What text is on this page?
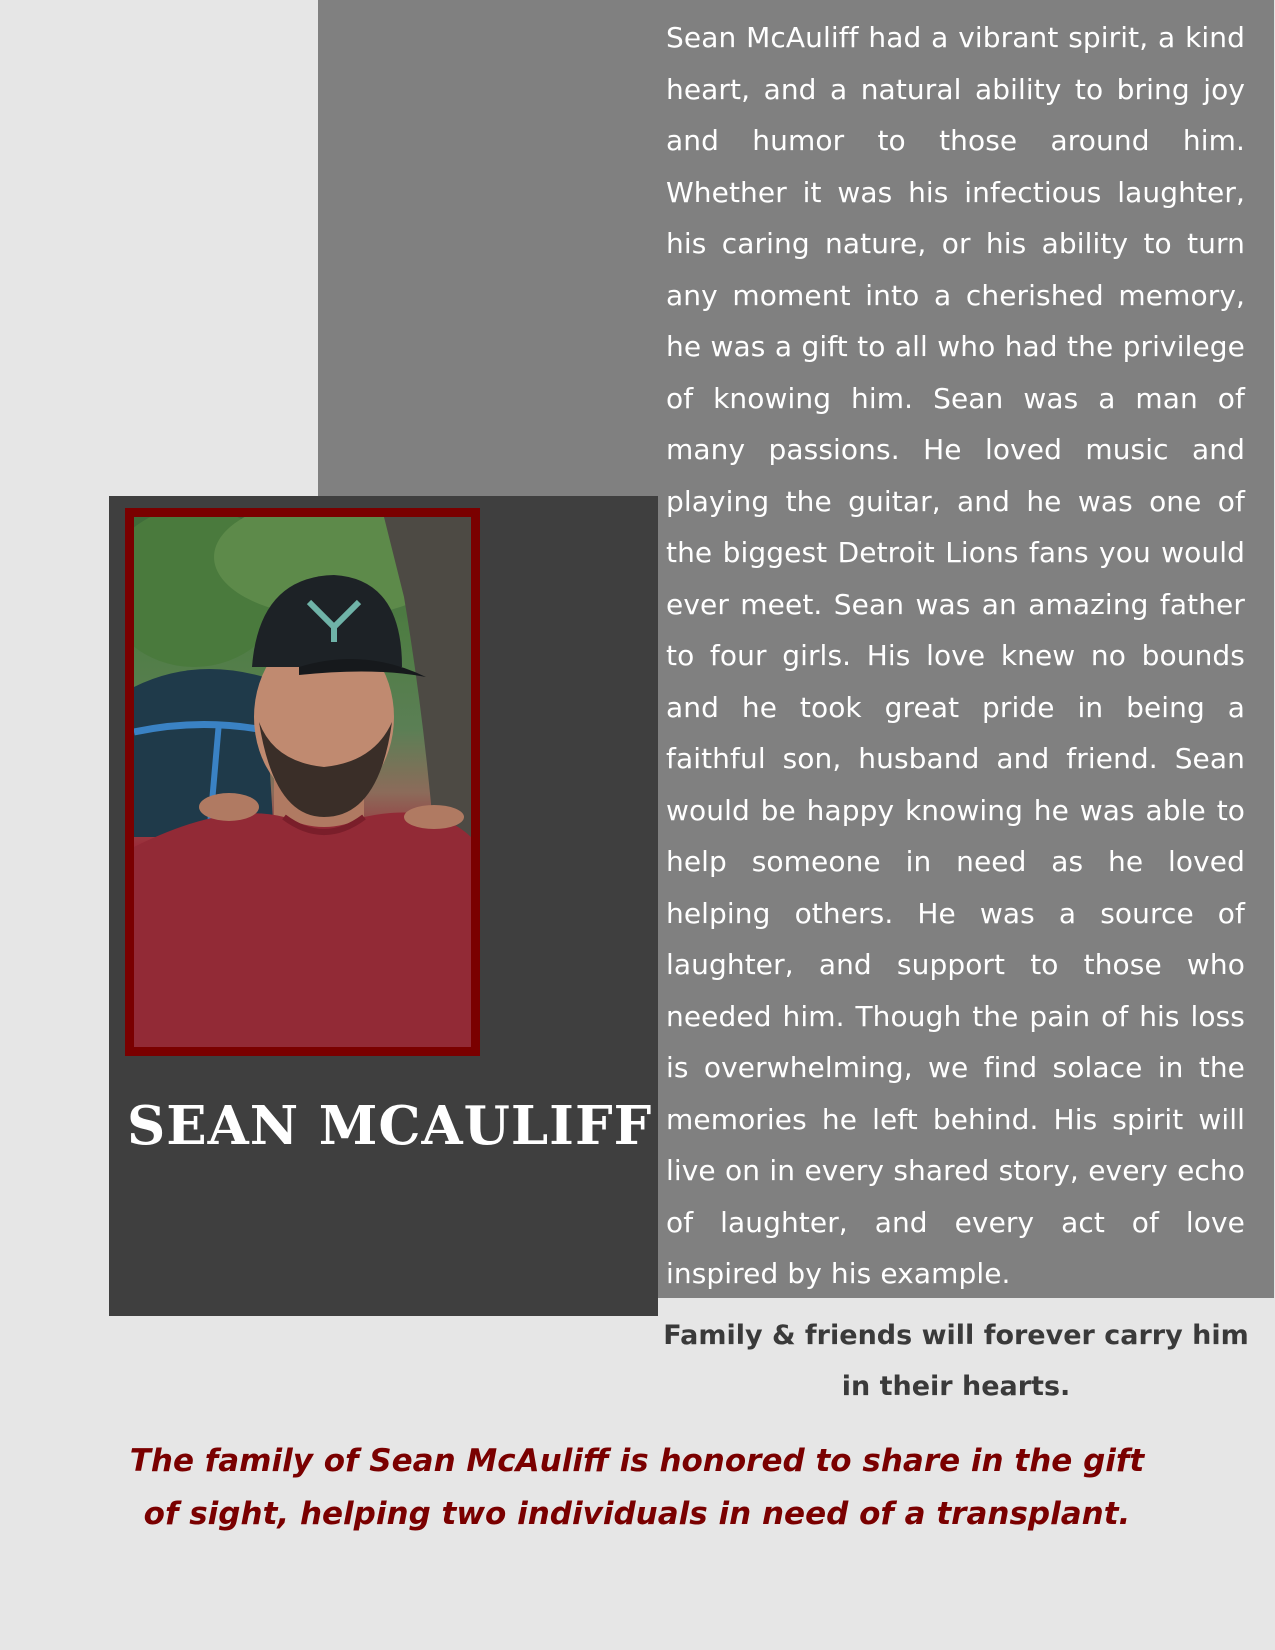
SEAN MCAULIFF
Sean McAuliff had a vibrant spirit, a kind heart, and a natural ability to bring joy and humor to those around him. Whether it was his infectious laughter, his caring nature, or his ability to turn any moment into a cherished memory, he was a gift to all who had the privilege of knowing him. Sean was a man of many passions. He loved music and playing the guitar, and he was one of the biggest Detroit Lions fans you would ever meet. Sean was an amazing father to four girls. His love knew no bounds and he took great pride in being a faithful son, husband and friend. Sean would be happy knowing he was able to help someone in need as he loved helping others. He was a source of laughter, and support to those who needed him. Though the pain of his loss is overwhelming, we find solace in the memories he left behind. His spirit will live on in every shared story, every echo of laughter, and every act of love inspired by his example.
Family & friends will forever carry him in their hearts.
The family of Sean McAuliff is honored to share in the gift of sight, helping two individuals in need of a transplant.
